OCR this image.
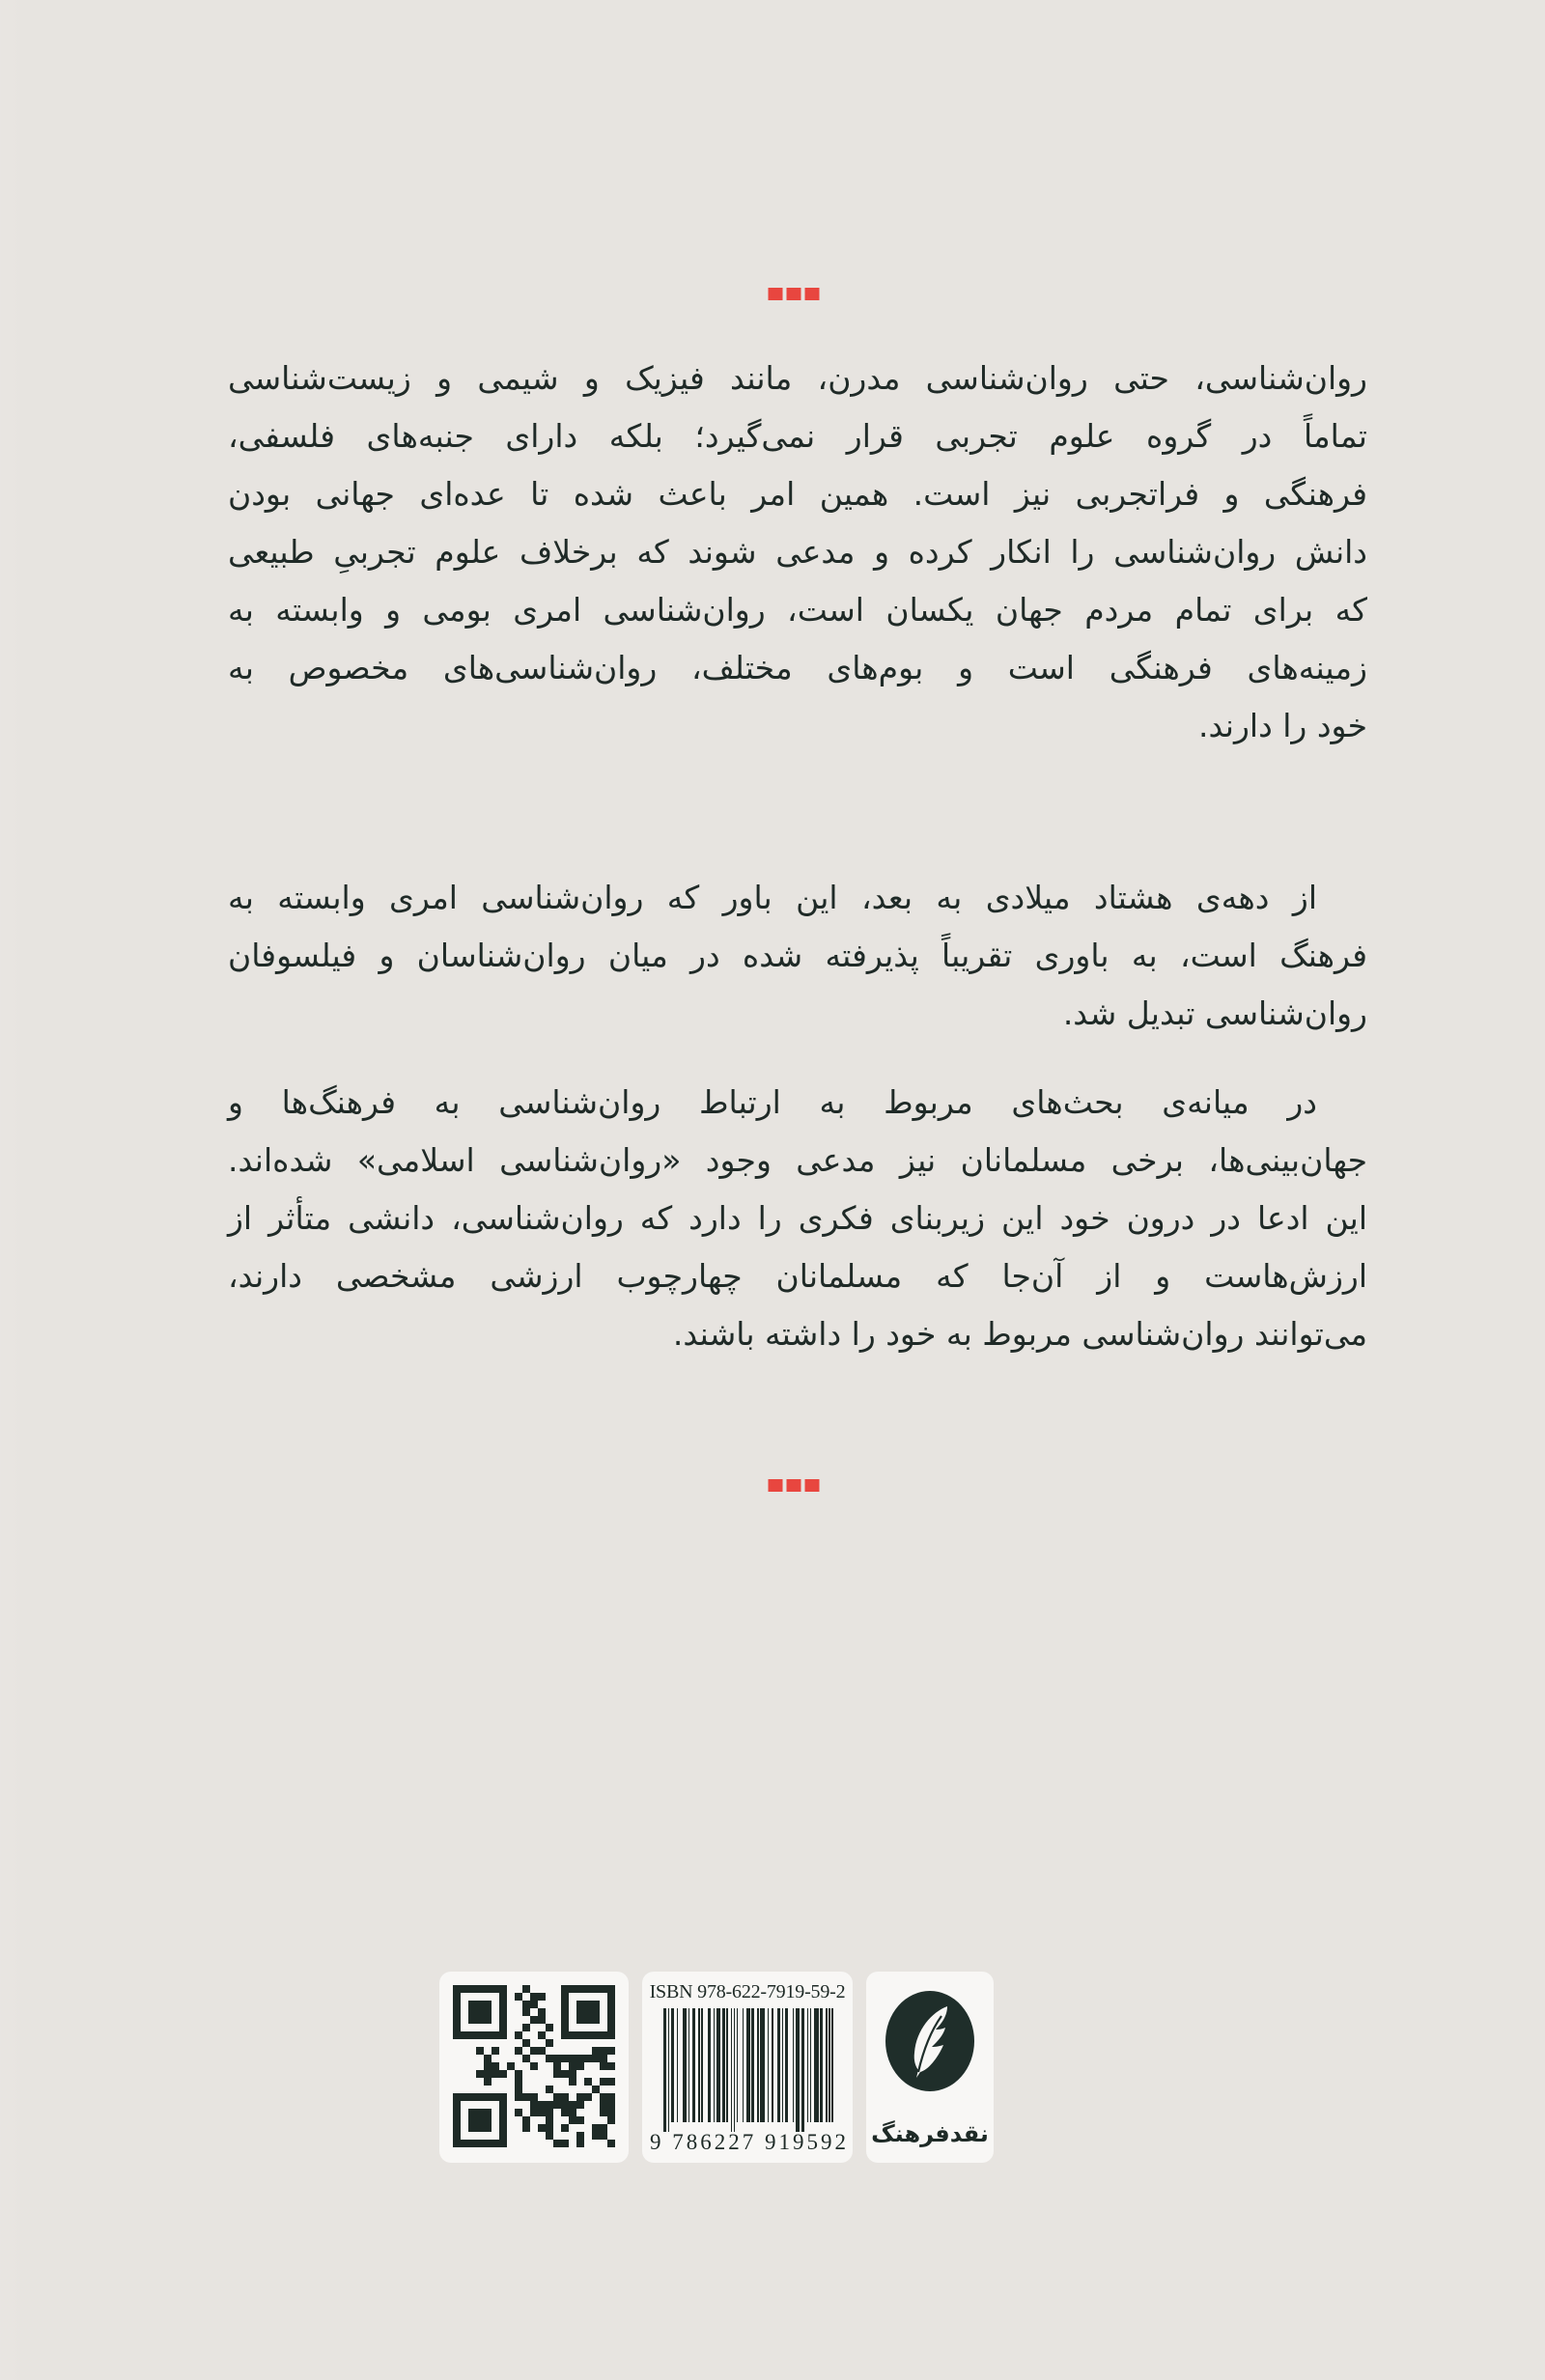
روان‌شناسی، حتی روان‌شناسی مدرن، مانند فیزیک و شیمی و زیست‌شناسی
تماماً در گروه علوم تجربی قرار نمی‌گیرد؛ بلکه دارای جنبه‌های فلسفی،
فرهنگی و فراتجربی نیز است. همین امر باعث شده تا عده‌ای جهانی بودن
دانش روان‌شناسی را انکار کرده و مدعی شوند که برخلاف علوم تجربیِ طبیعی
که برای تمام مردم جهان یکسان است، روان‌شناسی امری بومی و وابسته به
زمینه‌های فرهنگی است و بوم‌های مختلف، روان‌شناسی‌های مخصوص به
خود را دارند.
از دهه‌ی هشتاد میلادی به بعد، این باور که روان‌شناسی امری وابسته به
فرهنگ است، به باوری تقریباً پذیرفته شده در میان روان‌شناسان و فیلسوفان
روان‌شناسی تبدیل شد.
در میانه‌ی بحث‌های مربوط به ارتباط روان‌شناسی به فرهنگ‌ها و
جهان‌بینی‌ها، برخی مسلمانان نیز مدعی وجود «روان‌شناسی اسلامی» شده‌اند.
این ادعا در درون خود این زیربنای فکری را دارد که روان‌شناسی، دانشی متأثر از
ارزش‌هاست و از آن‌جا که مسلمانان چهارچوب ارزشی مشخصی دارند،
می‌توانند روان‌شناسی مربوط به خود را داشته باشند.
ISBN 978-622-7919-59-2
9 786227 919592 نقدفرهنگ
